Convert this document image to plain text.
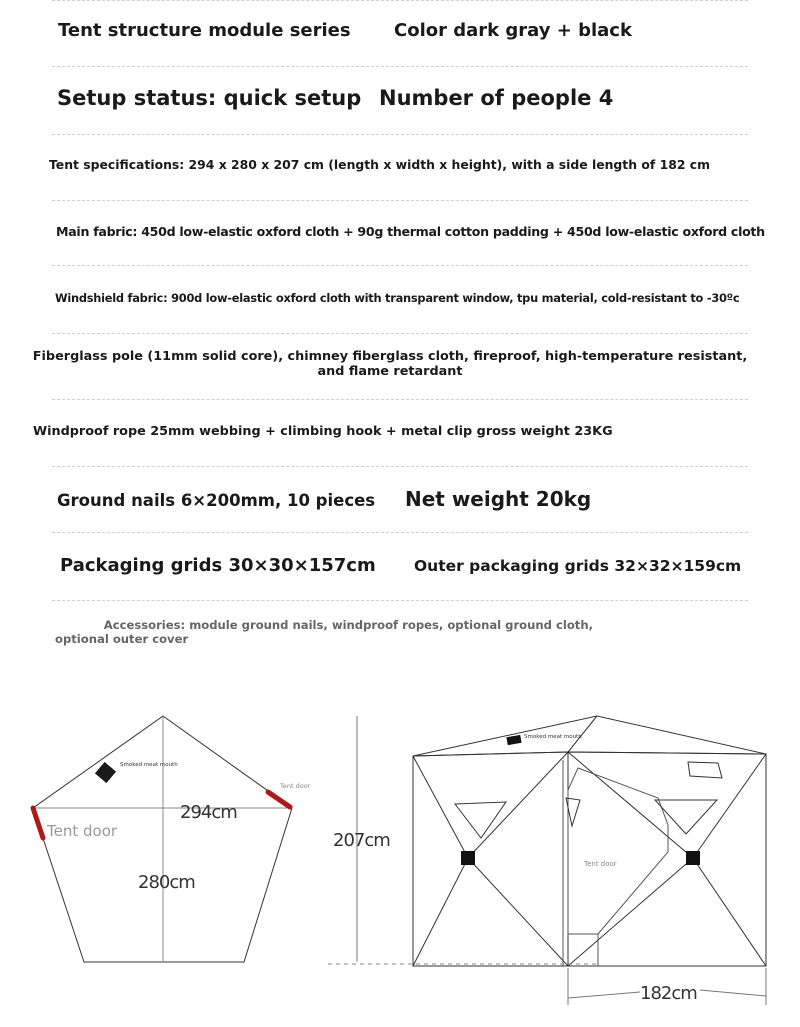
Tent structure module series Color dark gray + black
Setup status: quick setup Number of people 4
Tent specifications: 294 x 280 x 207 cm (length x width x height), with a side length of 182 cm
Main fabric: 450d low-elastic oxford cloth + 90g thermal cotton padding + 450d low-elastic oxford cloth
Windshield fabric: 900d low-elastic oxford cloth with transparent window, tpu material, cold-resistant to -30ºc
Fiberglass pole (11mm solid core), chimney fiberglass cloth, fireproof, high-temperature resistant, and flame retardant
Windproof rope 25mm webbing + climbing hook + metal clip gross weight 23KG
Ground nails 6×200mm, 10 pieces Net weight 20kg
Packaging grids 30×30×157cm Outer packaging grids 32×32×159cm
Accessories: module ground nails, windproof ropes, optional ground cloth, optional outer cover
Smoked meat mouth
Tent door
Tent door
294cm
280cm
Smoked meat mouth
Tent door
207cm
182cm
